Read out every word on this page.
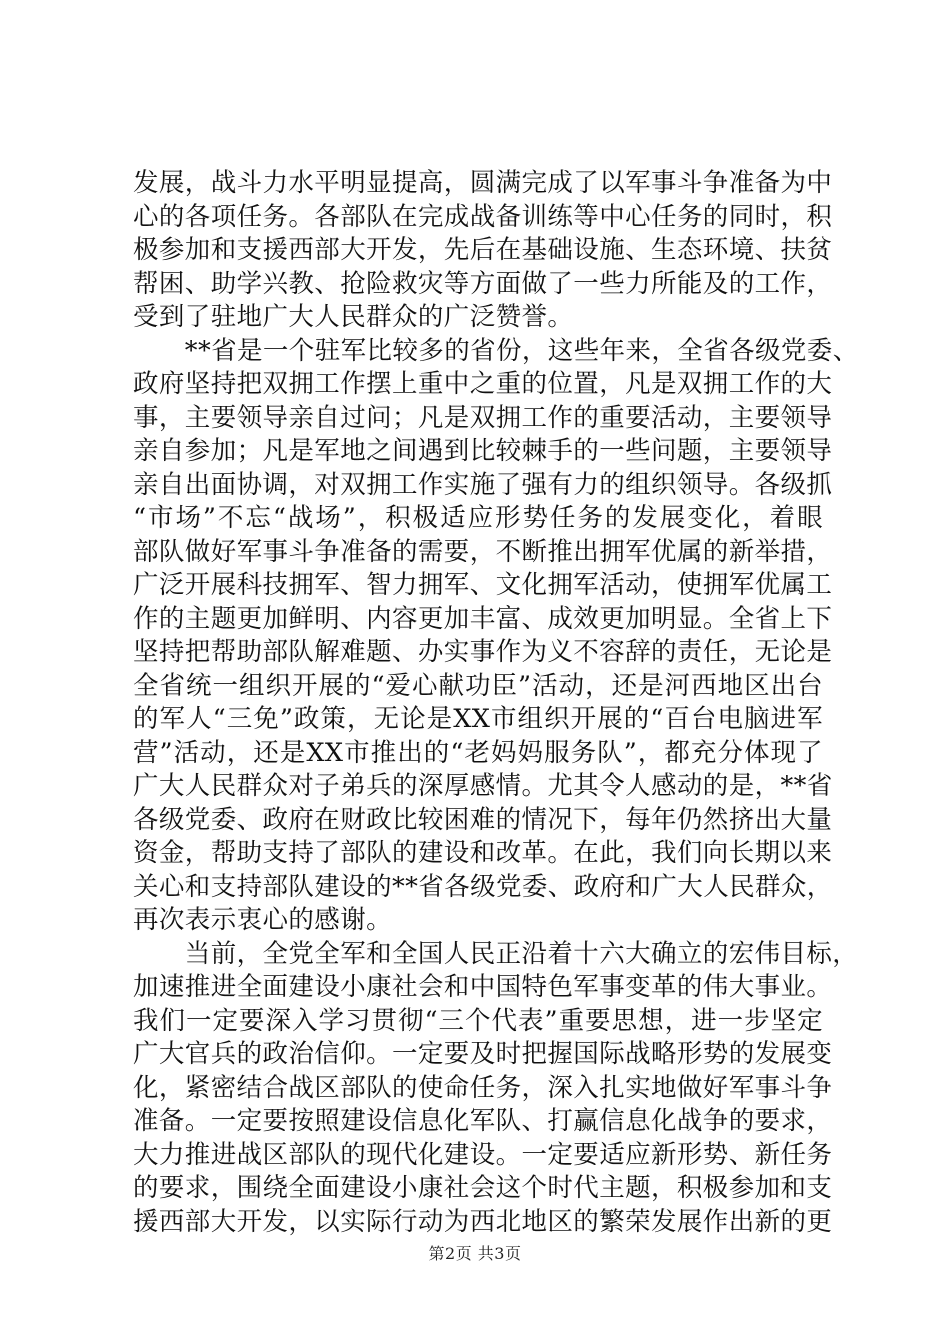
发展，战斗力水平明显提高，圆满完成了以军事斗争准备为中
心的各项任务。各部队在完成战备训练等中心任务的同时，积
极参加和支援西部大开发，先后在基础设施、生态环境、扶贫
帮困、助学兴教、抢险救灾等方面做了一些力所能及的工作，
受到了驻地广大人民群众的广泛赞誉。
　　**省是一个驻军比较多的省份，这些年来，全省各级党委、
政府坚持把双拥工作摆上重中之重的位置，凡是双拥工作的大
事，主要领导亲自过问；凡是双拥工作的重要活动，主要领导
亲自参加；凡是军地之间遇到比较棘手的一些问题，主要领导
亲自出面协调，对双拥工作实施了强有力的组织领导。各级抓
“市场”不忘“战场”，积极适应形势任务的发展变化，着眼
部队做好军事斗争准备的需要，不断推出拥军优属的新举措，
广泛开展科技拥军、智力拥军、文化拥军活动，使拥军优属工
作的主题更加鲜明、内容更加丰富、成效更加明显。全省上下
坚持把帮助部队解难题、办实事作为义不容辞的责任，无论是
全省统一组织开展的“爱心献功臣”活动，还是河西地区出台
的军人“三免”政策，无论是XX市组织开展的“百台电脑进军
营”活动，还是XX市推出的“老妈妈服务队”，都充分体现了
广大人民群众对子弟兵的深厚感情。尤其令人感动的是，**省
各级党委、政府在财政比较困难的情况下，每年仍然挤出大量
资金，帮助支持了部队的建设和改革。在此，我们向长期以来
关心和支持部队建设的**省各级党委、政府和广大人民群众，
再次表示衷心的感谢。
　　当前，全党全军和全国人民正沿着十六大确立的宏伟目标，
加速推进全面建设小康社会和中国特色军事变革的伟大事业。
我们一定要深入学习贯彻“三个代表”重要思想，进一步坚定
广大官兵的政治信仰。一定要及时把握国际战略形势的发展变
化，紧密结合战区部队的使命任务，深入扎实地做好军事斗争
准备。一定要按照建设信息化军队、打赢信息化战争的要求，
大力推进战区部队的现代化建设。一定要适应新形势、新任务
的要求，围绕全面建设小康社会这个时代主题，积极参加和支
援西部大开发，以实际行动为西北地区的繁荣发展作出新的更
第2页 共3页
